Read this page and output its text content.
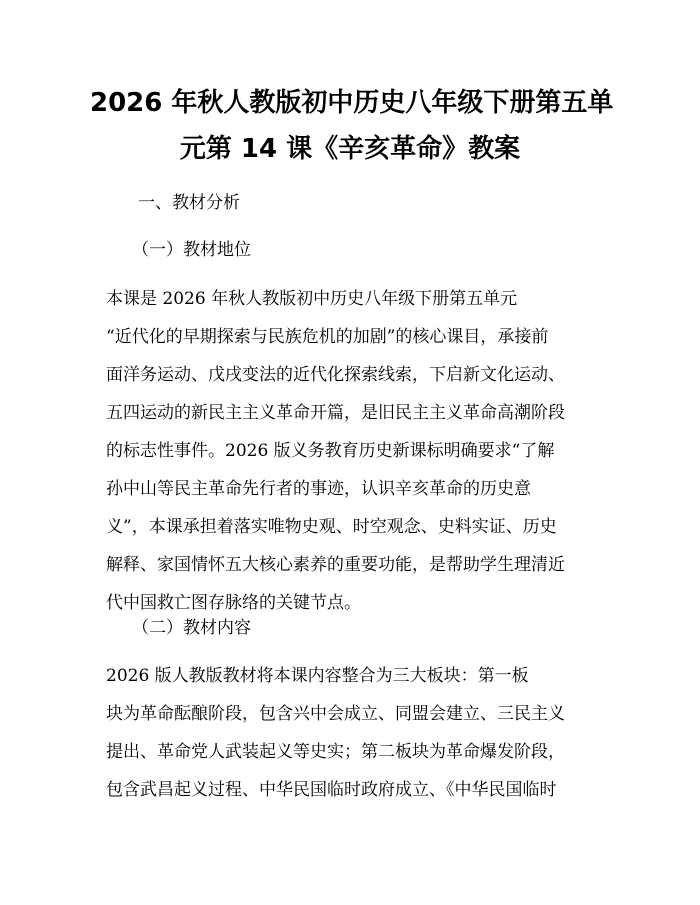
2026 年秋人教版初中历史八年级下册第五单
元第 14 课《辛亥革命》教案
一、教材分析
（一）教材地位
本课是 2026 年秋人教版初中历史八年级下册第五单元
“近代化的早期探索与民族危机的加剧”的核心课目，承接前
面洋务运动、戊戌变法的近代化探索线索，下启新文化运动、
五四运动的新民主主义革命开篇，是旧民主主义革命高潮阶段
的标志性事件。2026 版义务教育历史新课标明确要求“了解
孙中山等民主革命先行者的事迹，认识辛亥革命的历史意
义”，本课承担着落实唯物史观、时空观念、史料实证、历史
解释、家国情怀五大核心素养的重要功能，是帮助学生理清近
代中国救亡图存脉络的关键节点。
（二）教材内容
2026 版人教版教材将本课内容整合为三大板块：第一板
块为革命酝酿阶段，包含兴中会成立、同盟会建立、三民主义
提出、革命党人武装起义等史实；第二板块为革命爆发阶段，
包含武昌起义过程、中华民国临时政府成立、《中华民国临时
